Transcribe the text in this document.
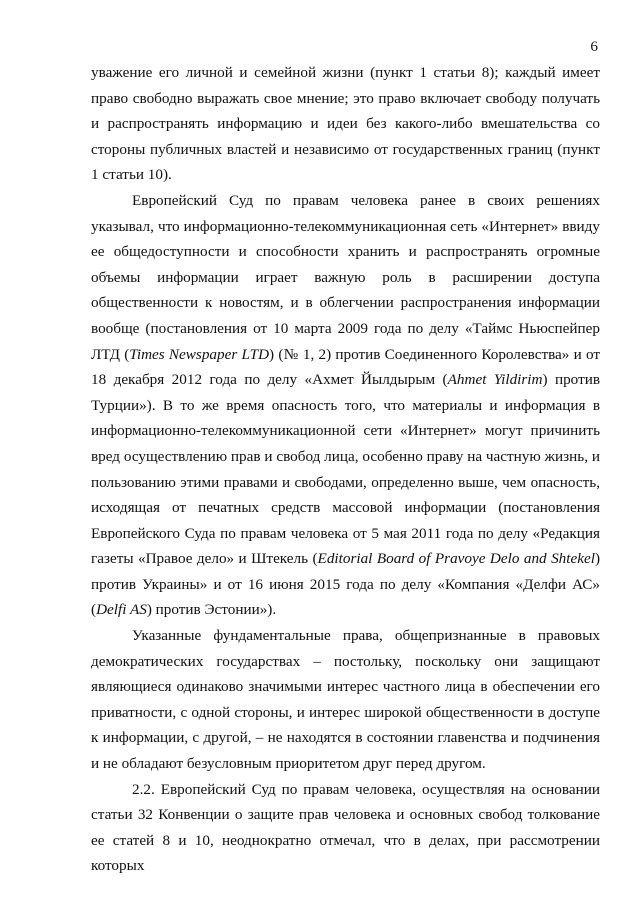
6

уважение его личной и семейной жизни (пункт 1 статьи 8); каждый имеет право свободно выражать свое мнение; это право включает свободу получать и распространять информацию и идеи без какого-либо вмешательства со стороны публичных властей и независимо от государственных границ (пункт 1 статьи 10).

Европейский Суд по правам человека ранее в своих решениях указывал, что информационно-телекоммуникационная сеть «Интернет» ввиду ее общедоступности и способности хранить и распространять огромные объемы информации играет важную роль в расширении доступа общественности к новостям, и в облегчении распространения информации вообще (постановления от 10 марта 2009 года по делу «Таймс Ньюспейпер ЛТД (Times Newspaper LTD) (№ 1, 2) против Соединенного Королевства» и от 18 декабря 2012 года по делу «Ахмет Йылдырым (Ahmet Yildirim) против Турции»). В то же время опасность того, что материалы и информация в информационно-телекоммуникационной сети «Интернет» могут причинить вред осуществлению прав и свобод лица, особенно праву на частную жизнь, и пользованию этими правами и свободами, определенно выше, чем опасность, исходящая от печатных средств массовой информации (постановления Европейского Суда по правам человека от 5 мая 2011 года по делу «Редакция газеты «Правое дело» и Штекель (Editorial Board of Pravoye Delo and Shtekel) против Украины» и от 16 июня 2015 года по делу «Компания «Делфи АС» (Delfi AS) против Эстонии»).

Указанные фундаментальные права, общепризнанные в правовых демократических государствах – постольку, поскольку они защищают являющиеся одинаково значимыми интерес частного лица в обеспечении его приватности, с одной стороны, и интерес широкой общественности в доступе к информации, с другой, – не находятся в состоянии главенства и подчинения и не обладают безусловным приоритетом друг перед другом.

2.2. Европейский Суд по правам человека, осуществляя на основании статьи 32 Конвенции о защите прав человека и основных свобод толкование ее статей 8 и 10, неоднократно отмечал, что в делах, при рассмотрении которых
